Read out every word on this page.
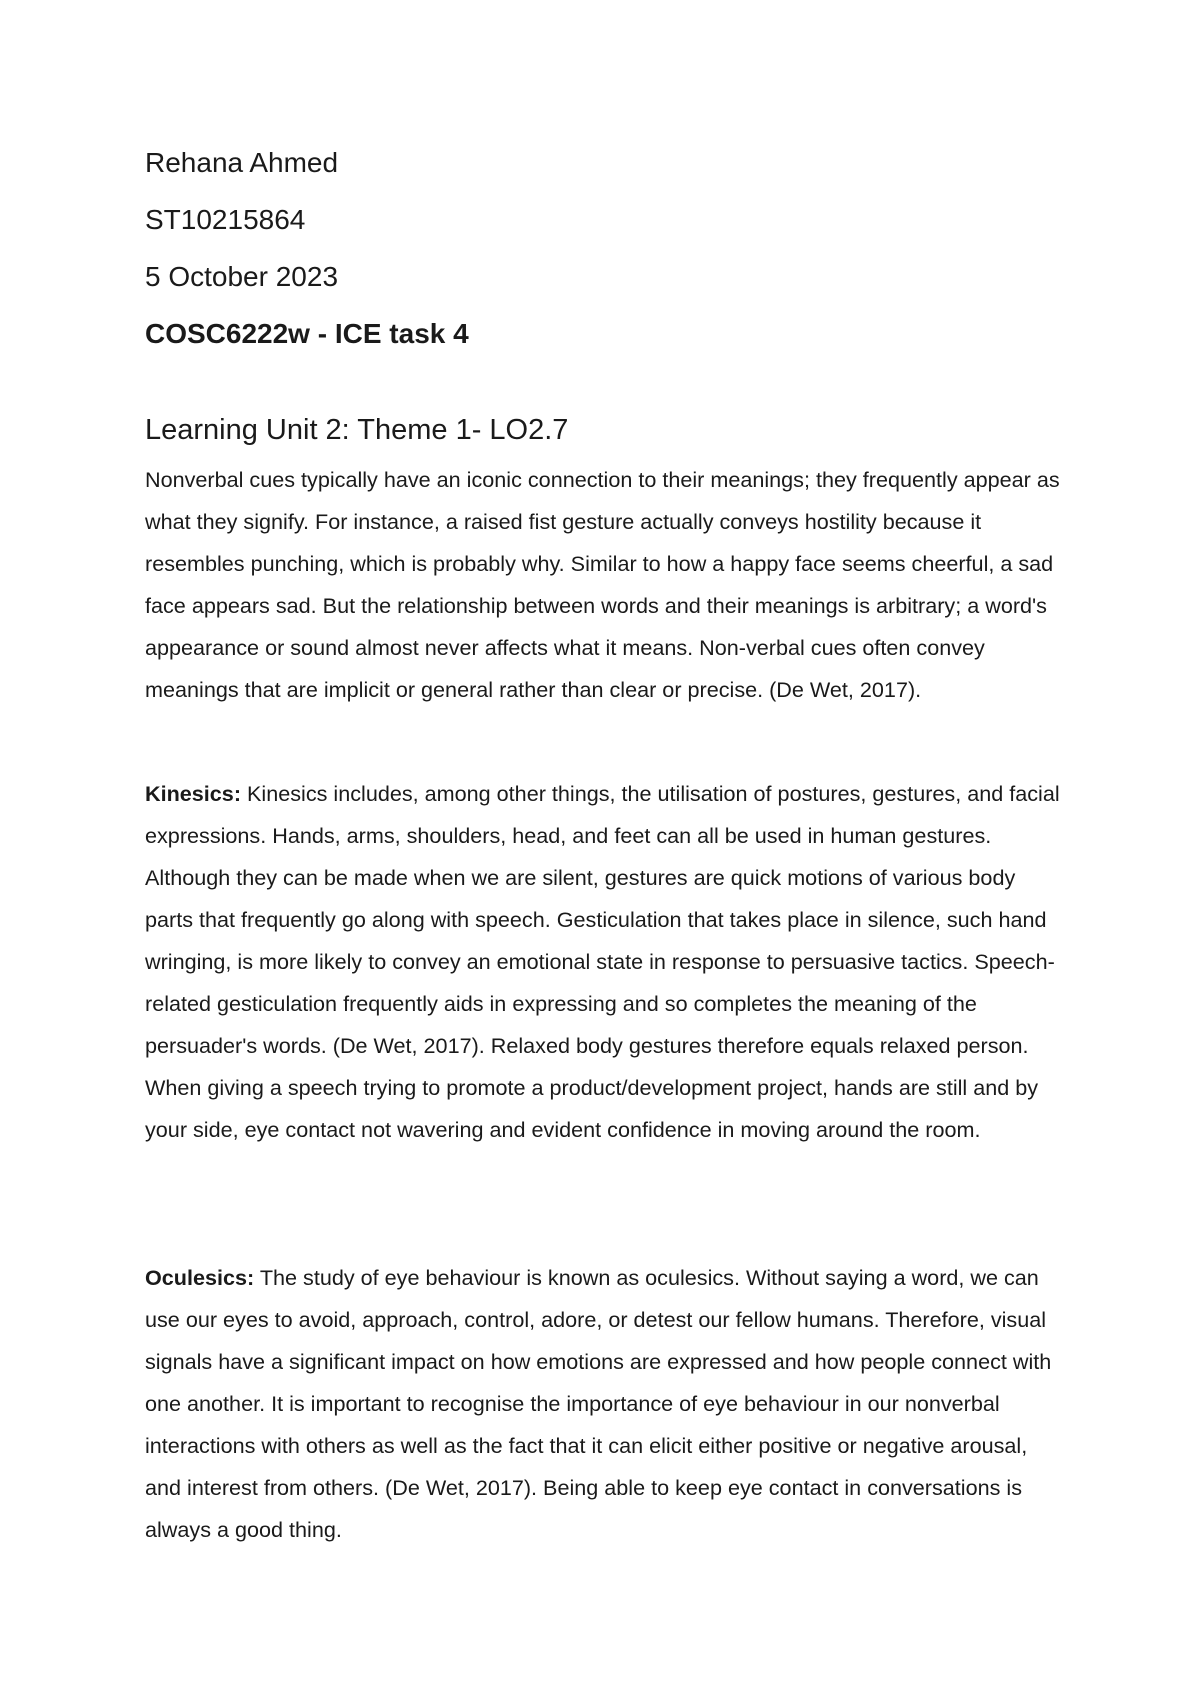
Rehana Ahmed
ST10215864
5 October 2023
COSC6222w - ICE task 4
Learning Unit 2: Theme 1- LO2.7

Nonverbal cues typically have an iconic connection to their meanings; they frequently appear as what they signify. For instance, a raised fist gesture actually conveys hostility because it resembles punching, which is probably why. Similar to how a happy face seems cheerful, a sad face appears sad. But the relationship between words and their meanings is arbitrary; a word's appearance or sound almost never affects what it means. Non-verbal cues often convey meanings that are implicit or general rather than clear or precise. (De Wet, 2017).

Kinesics: Kinesics includes, among other things, the utilisation of postures, gestures, and facial expressions. Hands, arms, shoulders, head, and feet can all be used in human gestures. Although they can be made when we are silent, gestures are quick motions of various body parts that frequently go along with speech. Gesticulation that takes place in silence, such hand wringing, is more likely to convey an emotional state in response to persuasive tactics. Speech-related gesticulation frequently aids in expressing and so completes the meaning of the persuader's words. (De Wet, 2017). Relaxed body gestures therefore equals relaxed person. When giving a speech trying to promote a product/development project, hands are still and by your side, eye contact not wavering and evident confidence in moving around the room.

Oculesics: The study of eye behaviour is known as oculesics. Without saying a word, we can use our eyes to avoid, approach, control, adore, or detest our fellow humans. Therefore, visual signals have a significant impact on how emotions are expressed and how people connect with one another. It is important to recognise the importance of eye behaviour in our nonverbal interactions with others as well as the fact that it can elicit either positive or negative arousal, and interest from others. (De Wet, 2017). Being able to keep eye contact in conversations is always a good thing.
